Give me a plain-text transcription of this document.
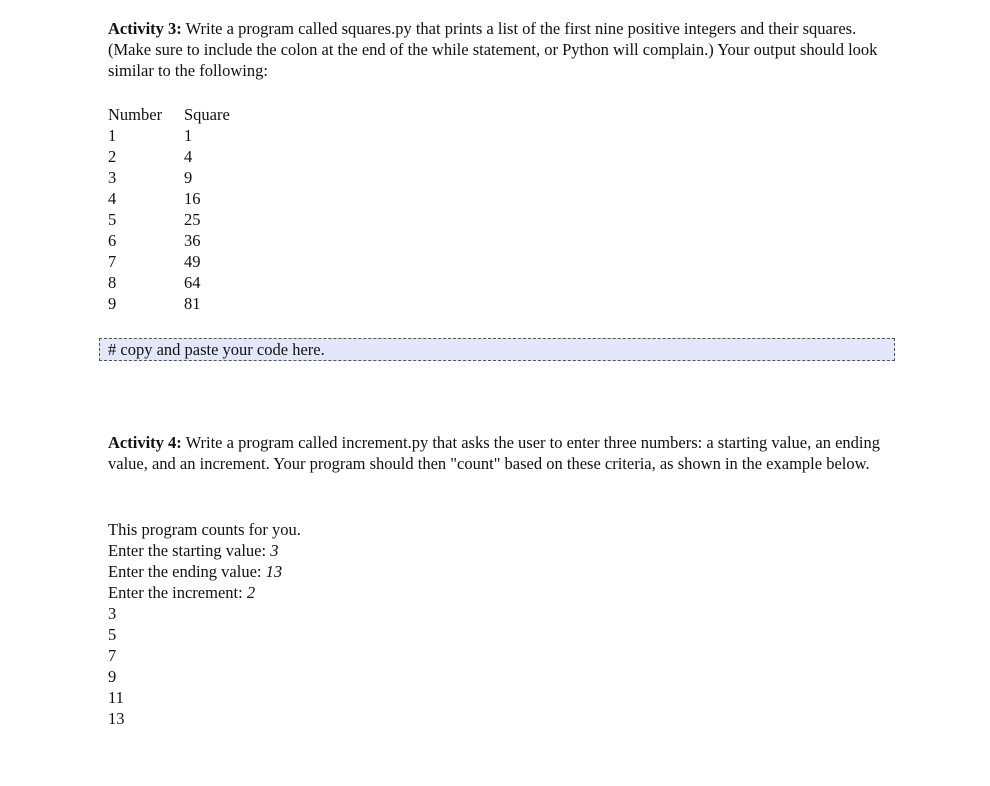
Activity 3: Write a program called squares.py that prints a list of the first nine positive integers and their squares. (Make sure to include the colon at the end of the while statement, or Python will complain.) Your output should look similar to the following:

Number Square
1	1
2	4
3	9
4	16
5	25
6	36
7	49
8	64
9	81
# copy and paste your code here.

Activity 4: Write a program called increment.py that asks the user to enter three numbers: a starting value, an ending value, and an increment. Your program should then "count" based on these criteria, as shown in the example below.

This program counts for you.
Enter the starting value: 3
Enter the ending value: 13
Enter the increment: 2
3
5
7
9
11
13
